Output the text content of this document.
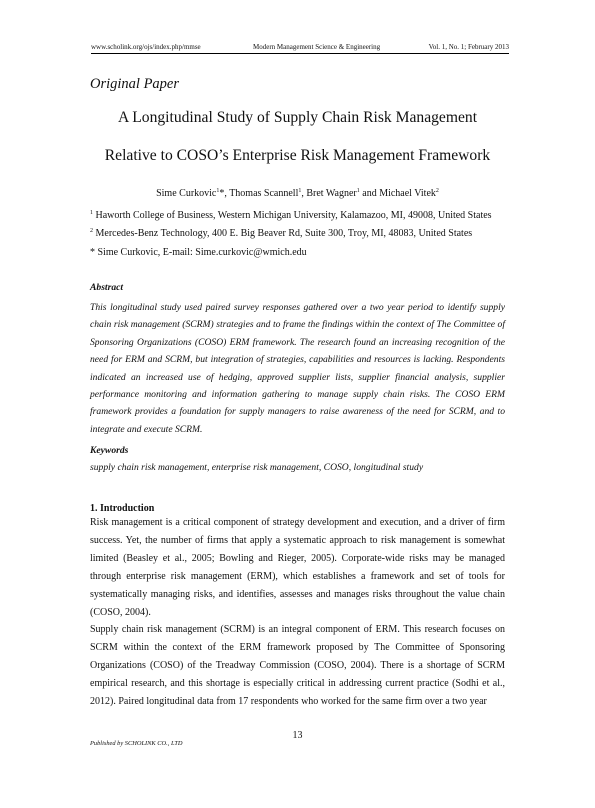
www.scholink.org/ojs/index.php/mmse	Modern Management Science & Engineering	Vol. 1, No. 1; February 2013
Original Paper
A Longitudinal Study of Supply Chain Risk Management
Relative to COSO’s Enterprise Risk Management Framework
Sime Curkovic$^1$*, Thomas Scannell$^1$, Bret Wagner$^1$ and Michael Vitek$^2$
$^1$ Haworth College of Business, Western Michigan University, Kalamazoo, MI, 49008, United States
$^2$ Mercedes-Benz Technology, 400 E. Big Beaver Rd, Suite 300, Troy, MI, 48083, United States
* Sime Curkovic, E-mail: Sime.curkovic@wmich.edu
Abstract
This longitudinal study used paired survey responses gathered over a two year period to identify supply chain risk management (SCRM) strategies and to frame the findings within the context of The Committee of Sponsoring Organizations (COSO) ERM framework. The research found an increasing recognition of the need for ERM and SCRM, but integration of strategies, capabilities and resources is lacking. Respondents indicated an increased use of hedging, approved supplier lists, supplier financial analysis, supplier performance monitoring and information gathering to manage supply chain risks. The COSO ERM framework provides a foundation for supply managers to raise awareness of the need for SCRM, and to integrate and execute SCRM.
Keywords
supply chain risk management, enterprise risk management, COSO, longitudinal study
1. Introduction

Risk management is a critical component of strategy development and execution, and a driver of firm success. Yet, the number of firms that apply a systematic approach to risk management is somewhat limited (Beasley et al., 2005; Bowling and Rieger, 2005). Corporate-wide risks may be managed through enterprise risk management (ERM), which establishes a framework and set of tools for systematically managing risks, and identifies, assesses and manages risks throughout the value chain (COSO, 2004).

Supply chain risk management (SCRM) is an integral component of ERM. This research focuses on SCRM within the context of the ERM framework proposed by The Committee of Sponsoring Organizations (COSO) of the Treadway Commission (COSO, 2004). There is a shortage of SCRM empirical research, and this shortage is especially critical in addressing current practice (Sodhi et al., 2012). Paired longitudinal data from 17 respondents who worked for the same firm over a two year

13
Published by SCHOLINK CO., LTD
